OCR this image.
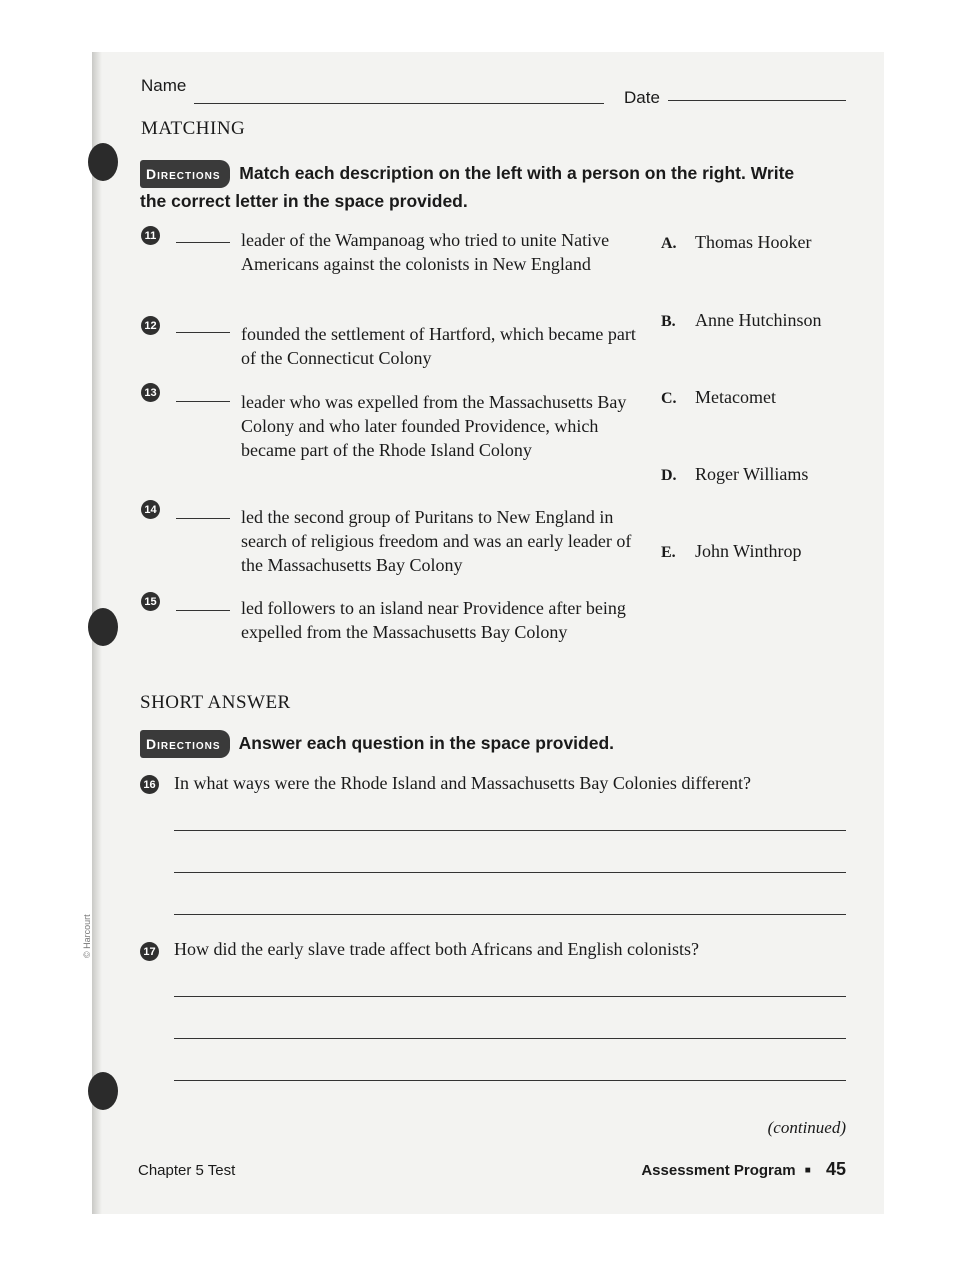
Name
Date
MATCHING
Directions Match each description on the left with a person on the right. Write the correct letter in the space provided.
11	leader of the Wampanoag who tried to unite Native Americans against the colonists in New England
12	founded the settlement of Hartford, which became part of the Connecticut Colony
13	leader who was expelled from the Massachusetts Bay Colony and who later founded Providence, which became part of the Rhode Island Colony
14	led the second group of Puritans to New England in search of religious freedom and was an early leader of the Massachusetts Bay Colony
15	led followers to an island near Providence after being expelled from the Massachusetts Bay Colony
A. Thomas Hooker
B. Anne Hutchinson
C. Metacomet
D. Roger Williams
E. John Winthrop
SHORT ANSWER
Directions Answer each question in the space provided.
16 In what ways were the Rhode Island and Massachusetts Bay Colonies different?
17 How did the early slave trade affect both Africans and English colonists?
(continued)
Chapter 5 Test	Assessment Program ■ 45
© Harcourt
